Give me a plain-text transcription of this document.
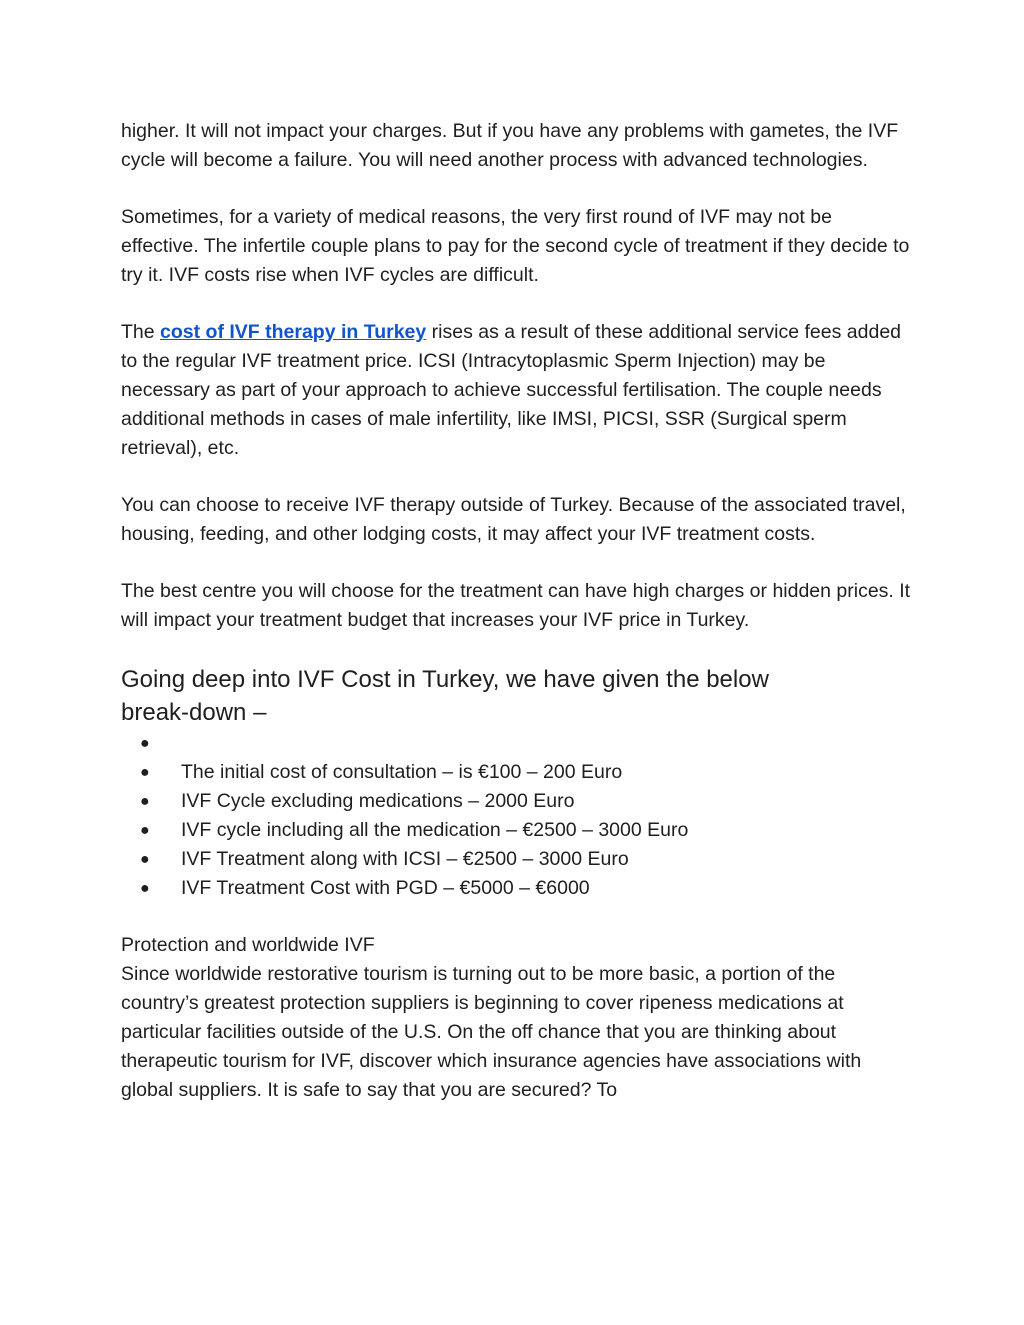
higher. It will not impact your charges. But if you have any problems with gametes, the IVF cycle will become a failure. You will need another process with advanced technologies.

Sometimes, for a variety of medical reasons, the very first round of IVF may not be effective. The infertile couple plans to pay for the second cycle of treatment if they decide to try it. IVF costs rise when IVF cycles are difficult.

The cost of IVF therapy in Turkey rises as a result of these additional service fees added to the regular IVF treatment price. ICSI (Intracytoplasmic Sperm Injection) may be necessary as part of your approach to achieve successful fertilisation. The couple needs additional methods in cases of male infertility, like IMSI, PICSI, SSR (Surgical sperm retrieval), etc.

You can choose to receive IVF therapy outside of Turkey. Because of the associated travel, housing, feeding, and other lodging costs, it may affect your IVF treatment costs.

The best centre you will choose for the treatment can have high charges or hidden prices. It will impact your treatment budget that increases your IVF price in Turkey.

Going deep into IVF Cost in Turkey, we have given the below break-down –
●
● The initial cost of consultation – is €100 – 200 Euro
● IVF Cycle excluding medications – 2000 Euro
● IVF cycle including all the medication – €2500 – 3000 Euro
● IVF Treatment along with ICSI – €2500 – 3000 Euro
● IVF Treatment Cost with PGD – €5000 – €6000

Protection and worldwide IVF

Since worldwide restorative tourism is turning out to be more basic, a portion of the country’s greatest protection suppliers is beginning to cover ripeness medications at particular facilities outside of the U.S. On the off chance that you are thinking about therapeutic tourism for IVF, discover which insurance agencies have associations with global suppliers. It is safe to say that you are secured? To
